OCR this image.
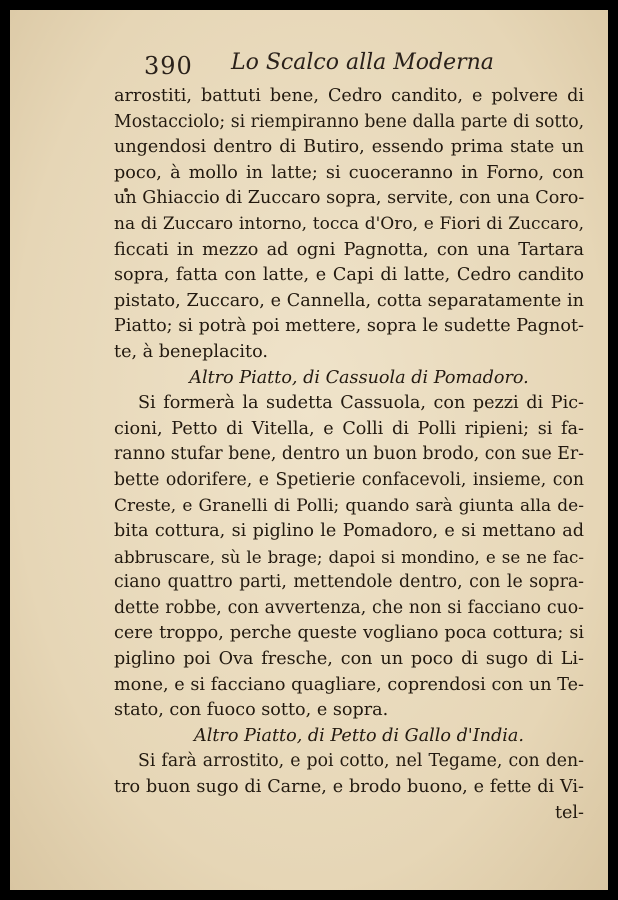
390 Lo Scalco alla Moderna
arrostiti, battuti bene, Cedro candito, e polvere di
Mostacciolo; si riempiranno bene dalla parte di sotto,
ungendosi dentro di Butiro, essendo prima state un
poco, à mollo in latte; si cuoceranno in Forno, con
un Ghiaccio di Zuccaro sopra, servite, con una Coro-
na di Zuccaro intorno, tocca d'Oro, e Fiori di Zuccaro,
ficcati in mezzo ad ogni Pagnotta, con una Tartara
sopra, fatta con latte, e Capi di latte, Cedro candito
pistato, Zuccaro, e Cannella, cotta separatamente in
Piatto; si potrà poi mettere, sopra le sudette Pagnot-
te, à beneplacito.
Altro Piatto, di Cassuola di Pomadoro.
Si formerà la sudetta Cassuola, con pezzi di Pic-
cioni, Petto di Vitella, e Colli di Polli ripieni; si fa-
ranno stufar bene, dentro un buon brodo, con sue Er-
bette odorifere, e Spetierie confacevoli, insieme, con
Creste, e Granelli di Polli; quando sarà giunta alla de-
bita cottura, si piglino le Pomadoro, e si mettano ad
abbruscare, sù le brage; dapoi si mondino, e se ne fac-
ciano quattro parti, mettendole dentro, con le sopra-
dette robbe, con avvertenza, che non si facciano cuo-
cere troppo, perche queste vogliano poca cottura; si
piglino poi Ova fresche, con un poco di sugo di Li-
mone, e si facciano quagliare, coprendosi con un Te-
stato, con fuoco sotto, e sopra.
Altro Piatto, di Petto di Gallo d'India.
Si farà arrostito, e poi cotto, nel Tegame, con den-
tro buon sugo di Carne, e brodo buono, e fette di Vi-
tel-
